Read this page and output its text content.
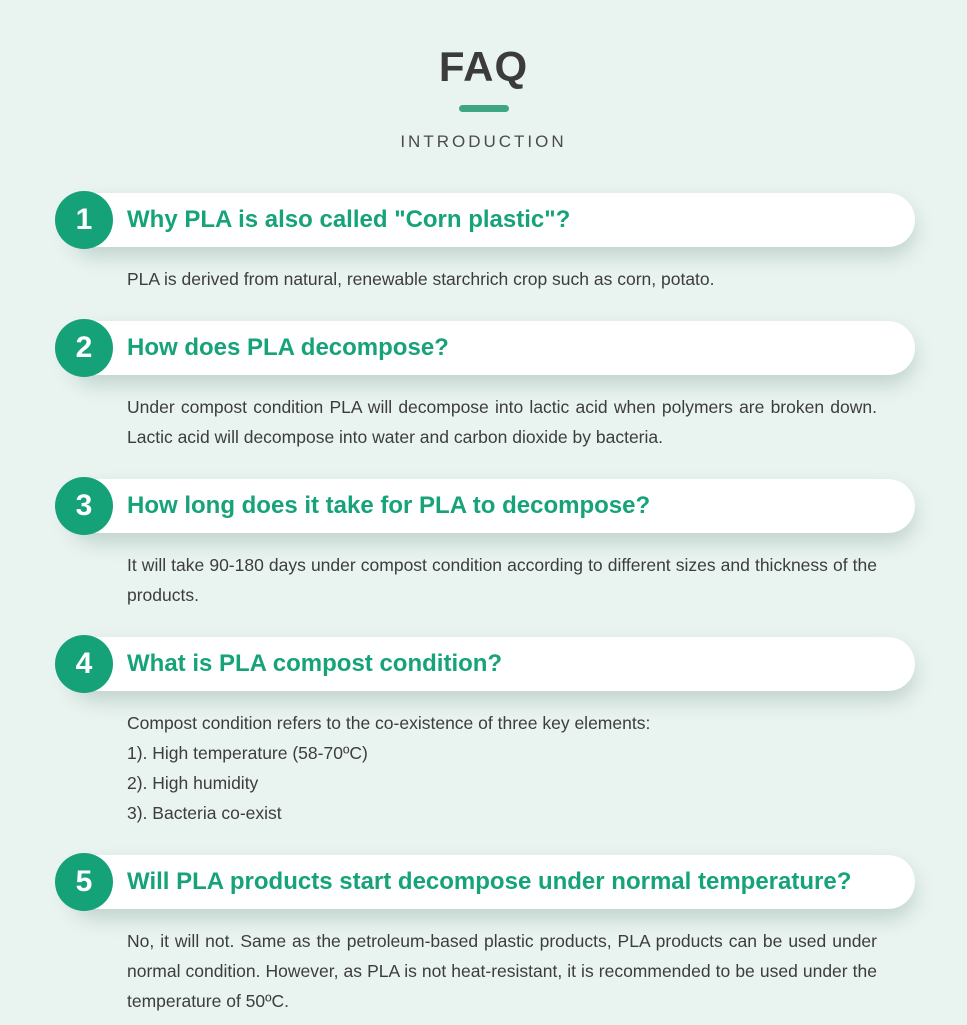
FAQ
INTRODUCTION
1 Why PLA is also called "Corn plastic"?

PLA is derived from natural, renewable starchrich crop such as corn, potato.

2 How does PLA decompose?

Under compost condition PLA will decompose into lactic acid when polymers are broken down. Lactic acid will decompose into water and carbon dioxide by bacteria.

3 How long does it take for PLA to decompose?

It will take 90-180 days under compost condition according to different sizes and thickness of the products.

4 What is PLA compost condition?

Compost condition refers to the co-existence of three key elements:

1). High temperature (58-70ºC)

2). High humidity

3). Bacteria co-exist

5 Will PLA products start decompose under normal temperature?

No, it will not. Same as the petroleum-based plastic products, PLA products can be used under normal condition. However, as PLA is not heat-resistant, it is recommended to be used under the temperature of 50ºC.
